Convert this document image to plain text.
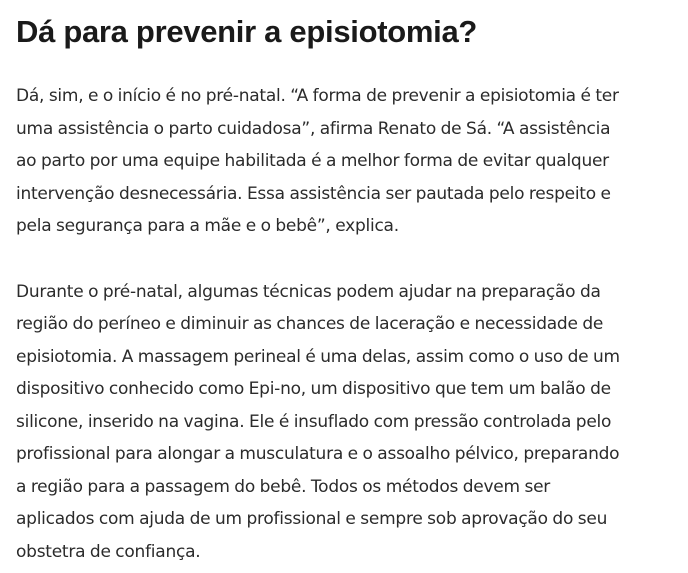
Dá para prevenir a episiotomia?

Dá, sim, e o início é no pré-natal. “A forma de prevenir a episiotomia é ter
uma assistência o parto cuidadosa”, afirma Renato de Sá. “A assistência
ao parto por uma equipe habilitada é a melhor forma de evitar qualquer
intervenção desnecessária. Essa assistência ser pautada pelo respeito e
pela segurança para a mãe e o bebê”, explica.

Durante o pré-natal, algumas técnicas podem ajudar na preparação da
região do períneo e diminuir as chances de laceração e necessidade de
episiotomia. A massagem perineal é uma delas, assim como o uso de um
dispositivo conhecido como Epi-no, um dispositivo que tem um balão de
silicone, inserido na vagina. Ele é insuflado com pressão controlada pelo
profissional para alongar a musculatura e o assoalho pélvico, preparando
a região para a passagem do bebê. Todos os métodos devem ser
aplicados com ajuda de um profissional e sempre sob aprovação do seu
obstetra de confiança.
